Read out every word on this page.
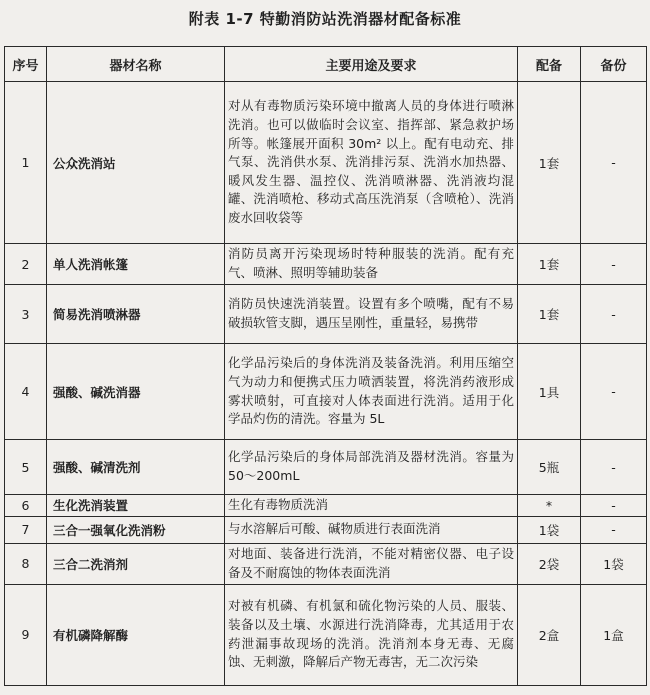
附表 1-7 特勤消防站洗消器材配备标准
序号	器材名称	主要用途及要求	配备	备份
1	公众洗消站	对从有毒物质污染环境中撤离人员的身体进行喷淋洗消。也可以做临时会议室、指挥部、紧急救护场所等。帐篷展开面积 30m² 以上。配有电动充、排气泵、洗消供水泵、洗消排污泵、洗消水加热器、暖风发生器、温控仪、洗消喷淋器、洗消液均混罐、洗消喷枪、移动式高压洗消泵（含喷枪）、洗消废水回收袋等	1套	-
2	单人洗消帐篷	消防员离开污染现场时特种服装的洗消。配有充气、喷淋、照明等辅助装备	1套	-
3	简易洗消喷淋器	消防员快速洗消装置。设置有多个喷嘴，配有不易破损软管支脚，遇压呈刚性，重量轻，易携带	1套	-
4	强酸、碱洗消器	化学品污染后的身体洗消及装备洗消。利用压缩空气为动力和便携式压力喷洒装置，将洗消药液形成雾状喷射，可直接对人体表面进行洗消。适用于化学品灼伤的清洗。容量为 5L	1具	-
5	强酸、碱清洗剂	化学品污染后的身体局部洗消及器材洗消。容量为 50～200mL	5瓶	-
6	生化洗消装置	生化有毒物质洗消	*	-
7	三合一强氧化洗消粉	与水溶解后可酸、碱物质进行表面洗消	1袋	-
8	三合二洗消剂	对地面、装备进行洗消，不能对精密仪器、电子设备及不耐腐蚀的物体表面洗消	2袋	1袋
9	有机磷降解酶	对被有机磷、有机氯和硫化物污染的人员、服装、装备以及土壤、水源进行洗消降毒，尤其适用于农药泄漏事故现场的洗消。洗消剂本身无毒、无腐蚀、无刺激，降解后产物无毒害，无二次污染	2盒	1盒
